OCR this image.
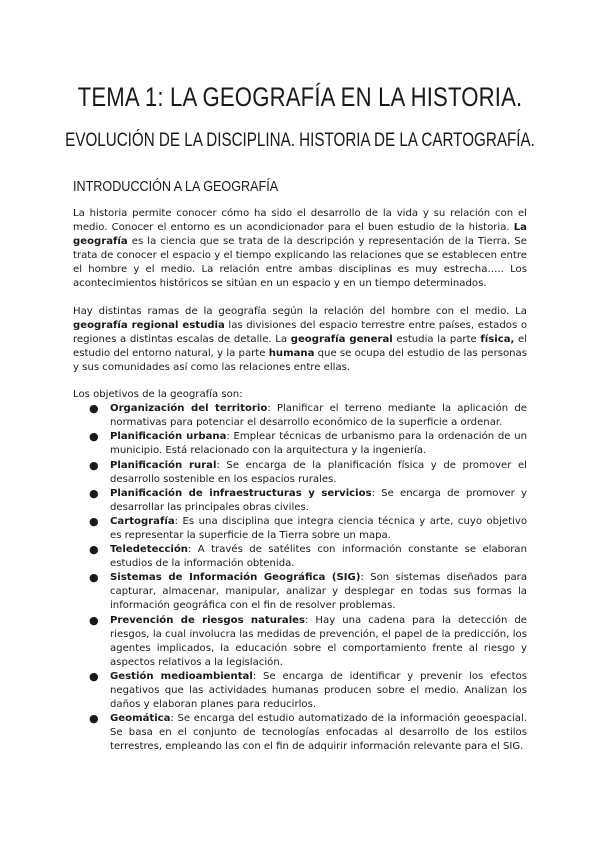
TEMA 1: LA GEOGRAFÍA EN LA HISTORIA.
EVOLUCIÓN DE LA DISCIPLINA. HISTORIA DE LA CARTOGRAFÍA.
INTRODUCCIÓN A LA GEOGRAFÍA

La historia permite conocer cómo ha sido el desarrollo de la vida y su relación con el medio. Conocer el entorno es un acondicionador para el buen estudio de la historia. La geografía es la ciencia que se trata de la descripción y representación de la Tierra. Se trata de conocer el espacio y el tiempo explicando las relaciones que se establecen entre el hombre y el medio. La relación entre ambas disciplinas es muy estrecha….. Los acontecimientos históricos se sitúan en un espacio y en un tiempo determinados.

Hay distintas ramas de la geografía según la relación del hombre con el medio. La geografía regional estudia las divisiones del espacio terrestre entre países, estados o regiones a distintas escalas de detalle. La geografía general estudia la parte física, el estudio del entorno natural, y la parte humana que se ocupa del estudio de las personas y sus comunidades así como las relaciones entre ellas.

Los objetivos de la geografía son:

● Organización del territorio: Planificar el terreno mediante la aplicación de normativas para potenciar el desarrollo económico de la superficie a ordenar.
● Planificación urbana: Emplear técnicas de urbanismo para la ordenación de un municipio. Está relacionado con la arquitectura y la ingeniería.
● Planificación rural: Se encarga de la planificación física y de promover el desarrollo sostenible en los espacios rurales.
● Planificación de infraestructuras y servicios: Se encarga de promover y desarrollar las principales obras civiles.
● Cartografía: Es una disciplina que integra ciencia técnica y arte, cuyo objetivo es representar la superficie de la Tierra sobre un mapa.
● Teledetección: A través de satélites con información constante se elaboran estudios de la información obtenida.
● Sistemas de Información Geográfica (SIG): Son sistemas diseñados para capturar, almacenar, manipular, analizar y desplegar en todas sus formas la información geográfica con el fin de resolver problemas.
● Prevención de riesgos naturales: Hay una cadena para la detección de riesgos, la cual involucra las medidas de prevención, el papel de la predicción, los agentes implicados, la educación sobre el comportamiento frente al riesgo y aspectos relativos a la legislación.
● Gestión medioambiental: Se encarga de identificar y prevenir los efectos negativos que las actividades humanas producen sobre el medio. Analizan los daños y elaboran planes para reducirlos.
● Geomática: Se encarga del estudio automatizado de la información geoespacial. Se basa en el conjunto de tecnologías enfocadas al desarrollo de los estilos terrestres, empleando las con el fin de adquirir información relevante para el SIG.
